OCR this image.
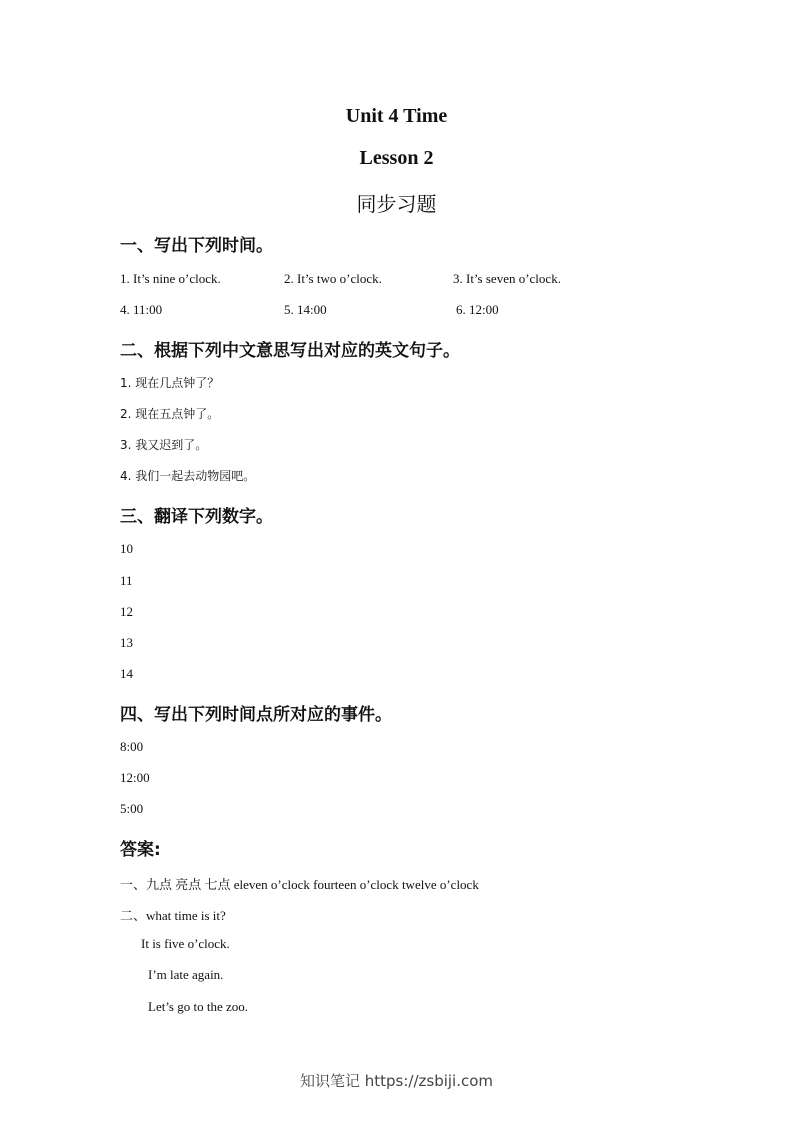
Unit 4 Time
Lesson 2
同步习题
一、写出下列时间。
1. It’s nine o’clock.	2. It’s two o’clock.	3. It’s seven o’clock.
4. 11:00	5. 14:00	6. 12:00
二、根据下列中文意思写出对应的英文句子。
1. 现在几点钟了？
2. 现在五点钟了。
3. 我又迟到了。
4. 我们一起去动物园吧。
三、翻译下列数字。
10
11
12
13
14
四、写出下列时间点所对应的事件。
8:00
12:00
5:00
答案:
一、九点 亮点 七点 eleven o’clock fourteen o’clock twelve o’clock
二、what time is it?
It is five o’clock.
I’m late again.
Let’s go to the zoo.
知识笔记 https://zsbiji.com
